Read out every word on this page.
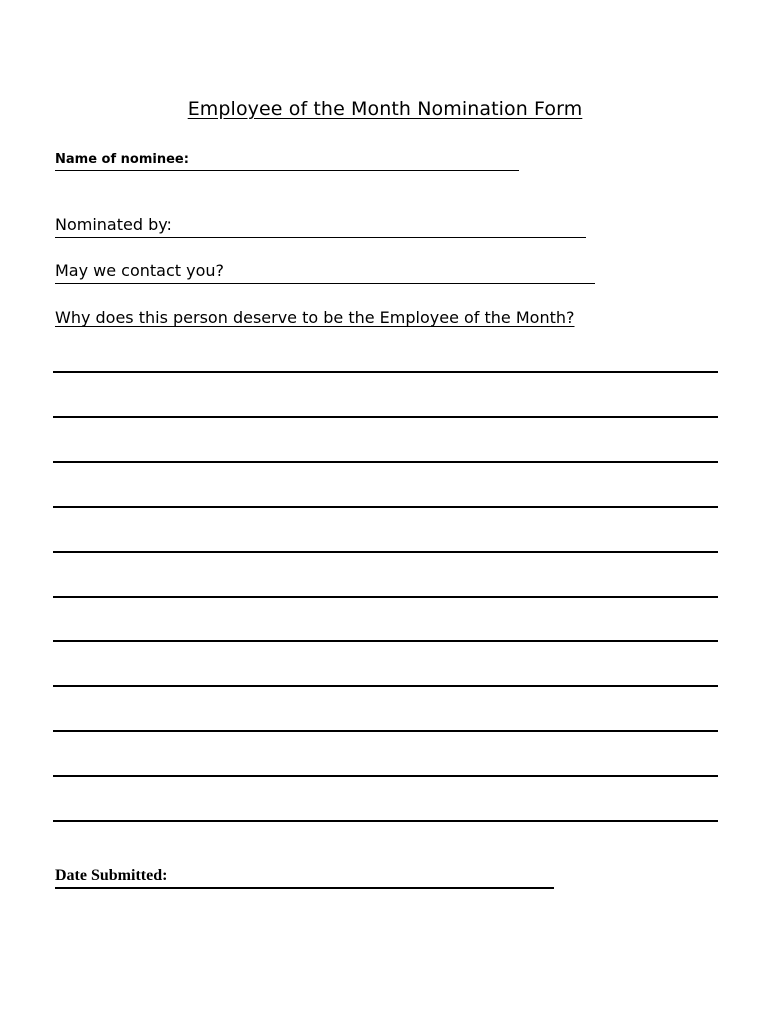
Employee of the Month Nomination Form
Name of nominee:
Nominated by:
May we contact you?
Why does this person deserve to be the Employee of the Month?
Date Submitted:
